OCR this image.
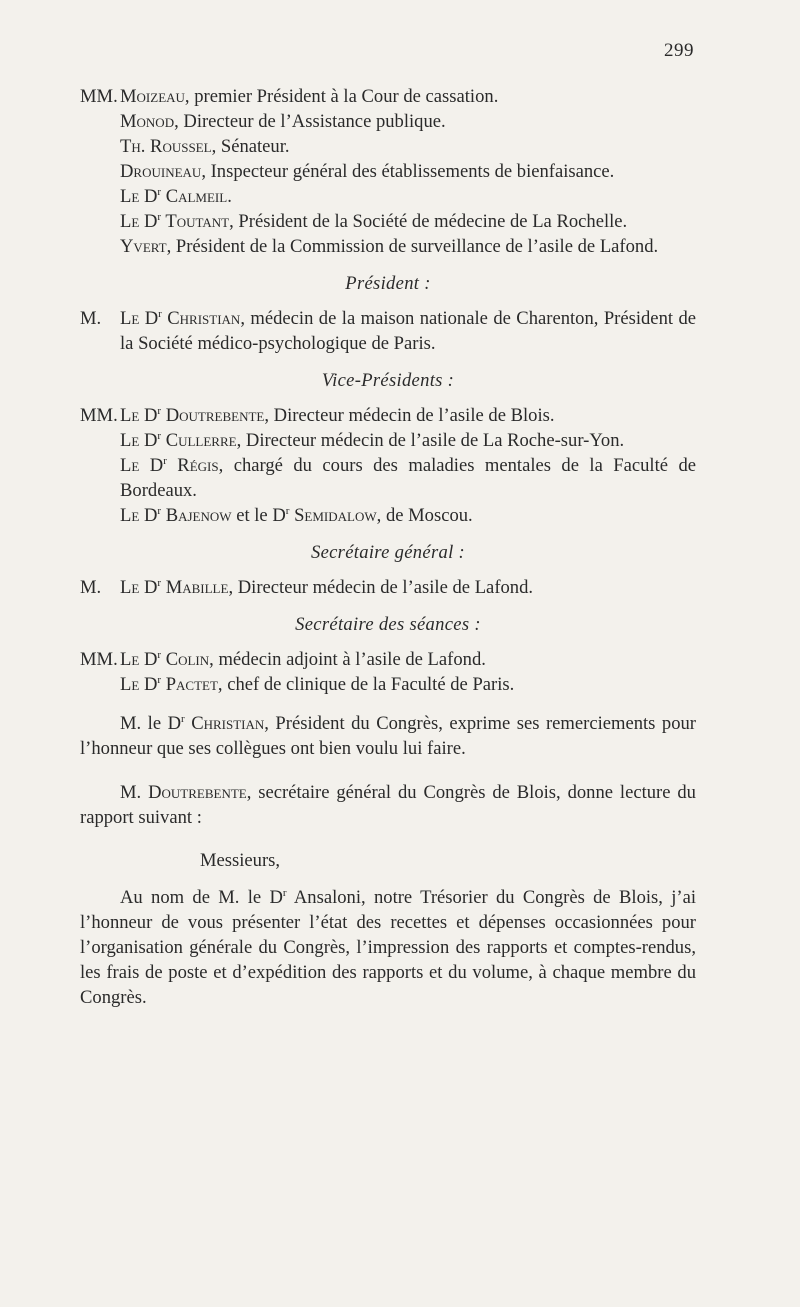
299
MM. Moizeau, premier Président à la Cour de cassation.
Monod, Directeur de l’Assistance publique.
Th. Roussel, Sénateur.
Drouineau, Inspecteur général des établissements de bienfaisance.
Le $D^r$ Calmeil.
Le $D^r$ Toutant, Président de la Société de médecine de La Rochelle.
Yvert, Président de la Commission de surveillance de l’asile de Lafond.
Président :
M. Le $D^r$ Christian, médecin de la maison nationale de Charenton, Président de la Société médico-psychologique de Paris.
Vice-Présidents :
MM. Le $D^r$ Doutrebente, Directeur médecin de l’asile de Blois.
Le $D^r$ Cullerre, Directeur médecin de l’asile de La Roche-sur-Yon.
Le $D^r$ Régis, chargé du cours des maladies mentales de la Faculté de Bordeaux.
Le $D^r$ Bajenow et le $D^r$ Semidalow, de Moscou.
Secrétaire général :
M. Le $D^r$ Mabille, Directeur médecin de l’asile de Lafond.
Secrétaire des séances :
MM. Le $D^r$ Colin, médecin adjoint à l’asile de Lafond.
Le $D^r$ Pactet, chef de clinique de la Faculté de Paris.

M. le $D^r$ Christian, Président du Congrès, exprime ses remerciements pour l’honneur que ses collègues ont bien voulu lui faire.

M. Doutrebente, secrétaire général du Congrès de Blois, donne lecture du rapport suivant :

Messieurs,

Au nom de M. le $D^r$ Ansaloni, notre Trésorier du Congrès de Blois, j’ai l’honneur de vous présenter l’état des recettes et dépenses occasionnées pour l’organisation générale du Congrès, l’impression des rapports et comptes-rendus, les frais de poste et d’expédition des rapports et du volume, à chaque membre du Congrès.
